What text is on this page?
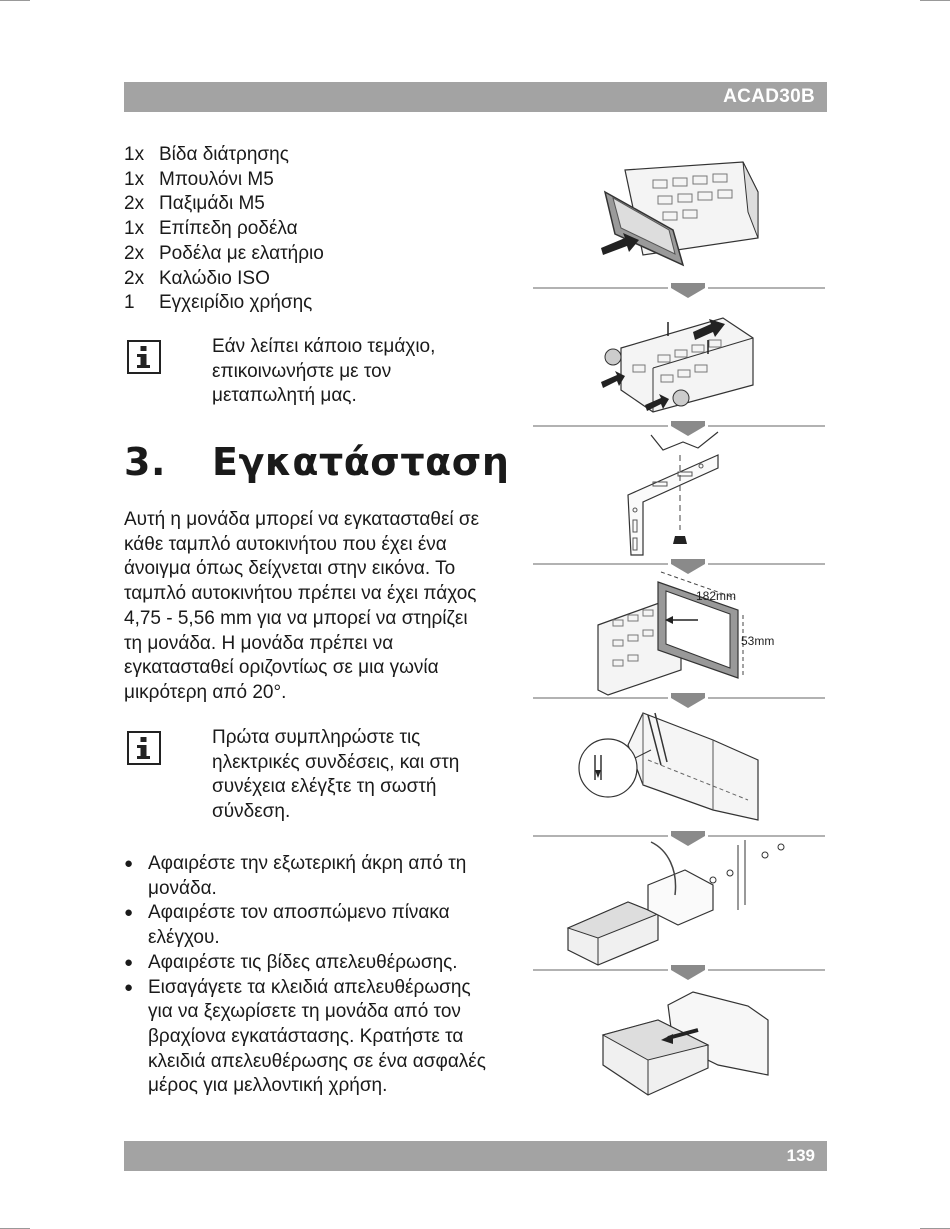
ACAD30B
1x Βίδα διάτρησης
1x Μπουλόνι M5
2x Παξιμάδι M5
1x Επίπεδη ροδέλα
2x Ροδέλα με ελατήριο
2x Καλώδιο ISO
1	Εγχειρίδιο χρήσης
Εάν λείπει κάποιο τεμάχιο,
επικοινωνήστε με τον
μεταπωλητή μας.
3. Εγκατάσταση
Αυτή η μονάδα μπορεί να εγκατασταθεί σε
κάθε ταμπλό αυτοκινήτου που έχει ένα
άνοιγμα όπως δείχνεται στην εικόνα. Το
ταμπλό αυτοκινήτου πρέπει να έχει πάχος
4,75 - 5,56 mm για να μπορεί να στηρίζει
τη μονάδα. Η μονάδα πρέπει να
εγκατασταθεί οριζοντίως σε μια γωνία
μικρότερη από 20°.
Πρώτα συμπληρώστε τις
ηλεκτρικές συνδέσεις, και στη
συνέχεια ελέγξτε τη σωστή
σύνδεση.
● Αφαιρέστε την εξωτερική άκρη από τη
μονάδα.
● Αφαιρέστε τον αποσπώμενο πίνακα
ελέγχου.
● Αφαιρέστε τις βίδες απελευθέρωσης.
● Εισαγάγετε τα κλειδιά απελευθέρωσης
για να ξεχωρίσετε τη μονάδα από τον
βραχίονα εγκατάστασης. Κρατήστε τα
κλειδιά απελευθέρωσης σε ένα ασφαλές
μέρος για μελλοντική χρήση.
182mm
53mm
139
